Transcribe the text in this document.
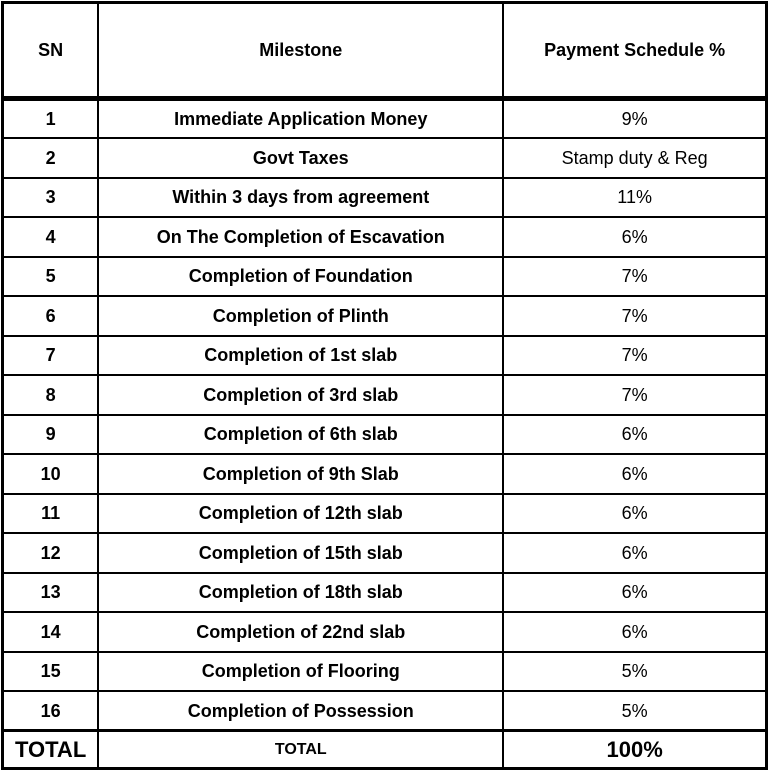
SN	Milestone	Payment Schedule %
1	Immediate Application Money	9%
2	Govt Taxes	Stamp duty & Reg
3	Within 3 days from agreement	11%
4	On The Completion of Escavation	6%
5	Completion of Foundation	7%
6	Completion of Plinth	7%
7	Completion of 1st slab	7%
8	Completion of 3rd slab	7%
9	Completion of 6th slab	6%
10	Completion of 9th Slab	6%
11	Completion of 12th slab	6%
12	Completion of 15th slab	6%
13	Completion of 18th slab	6%
14	Completion of 22nd slab	6%
15	Completion of Flooring	5%
16	Completion of Possession	5%
TOTAL	TOTAL	100%
